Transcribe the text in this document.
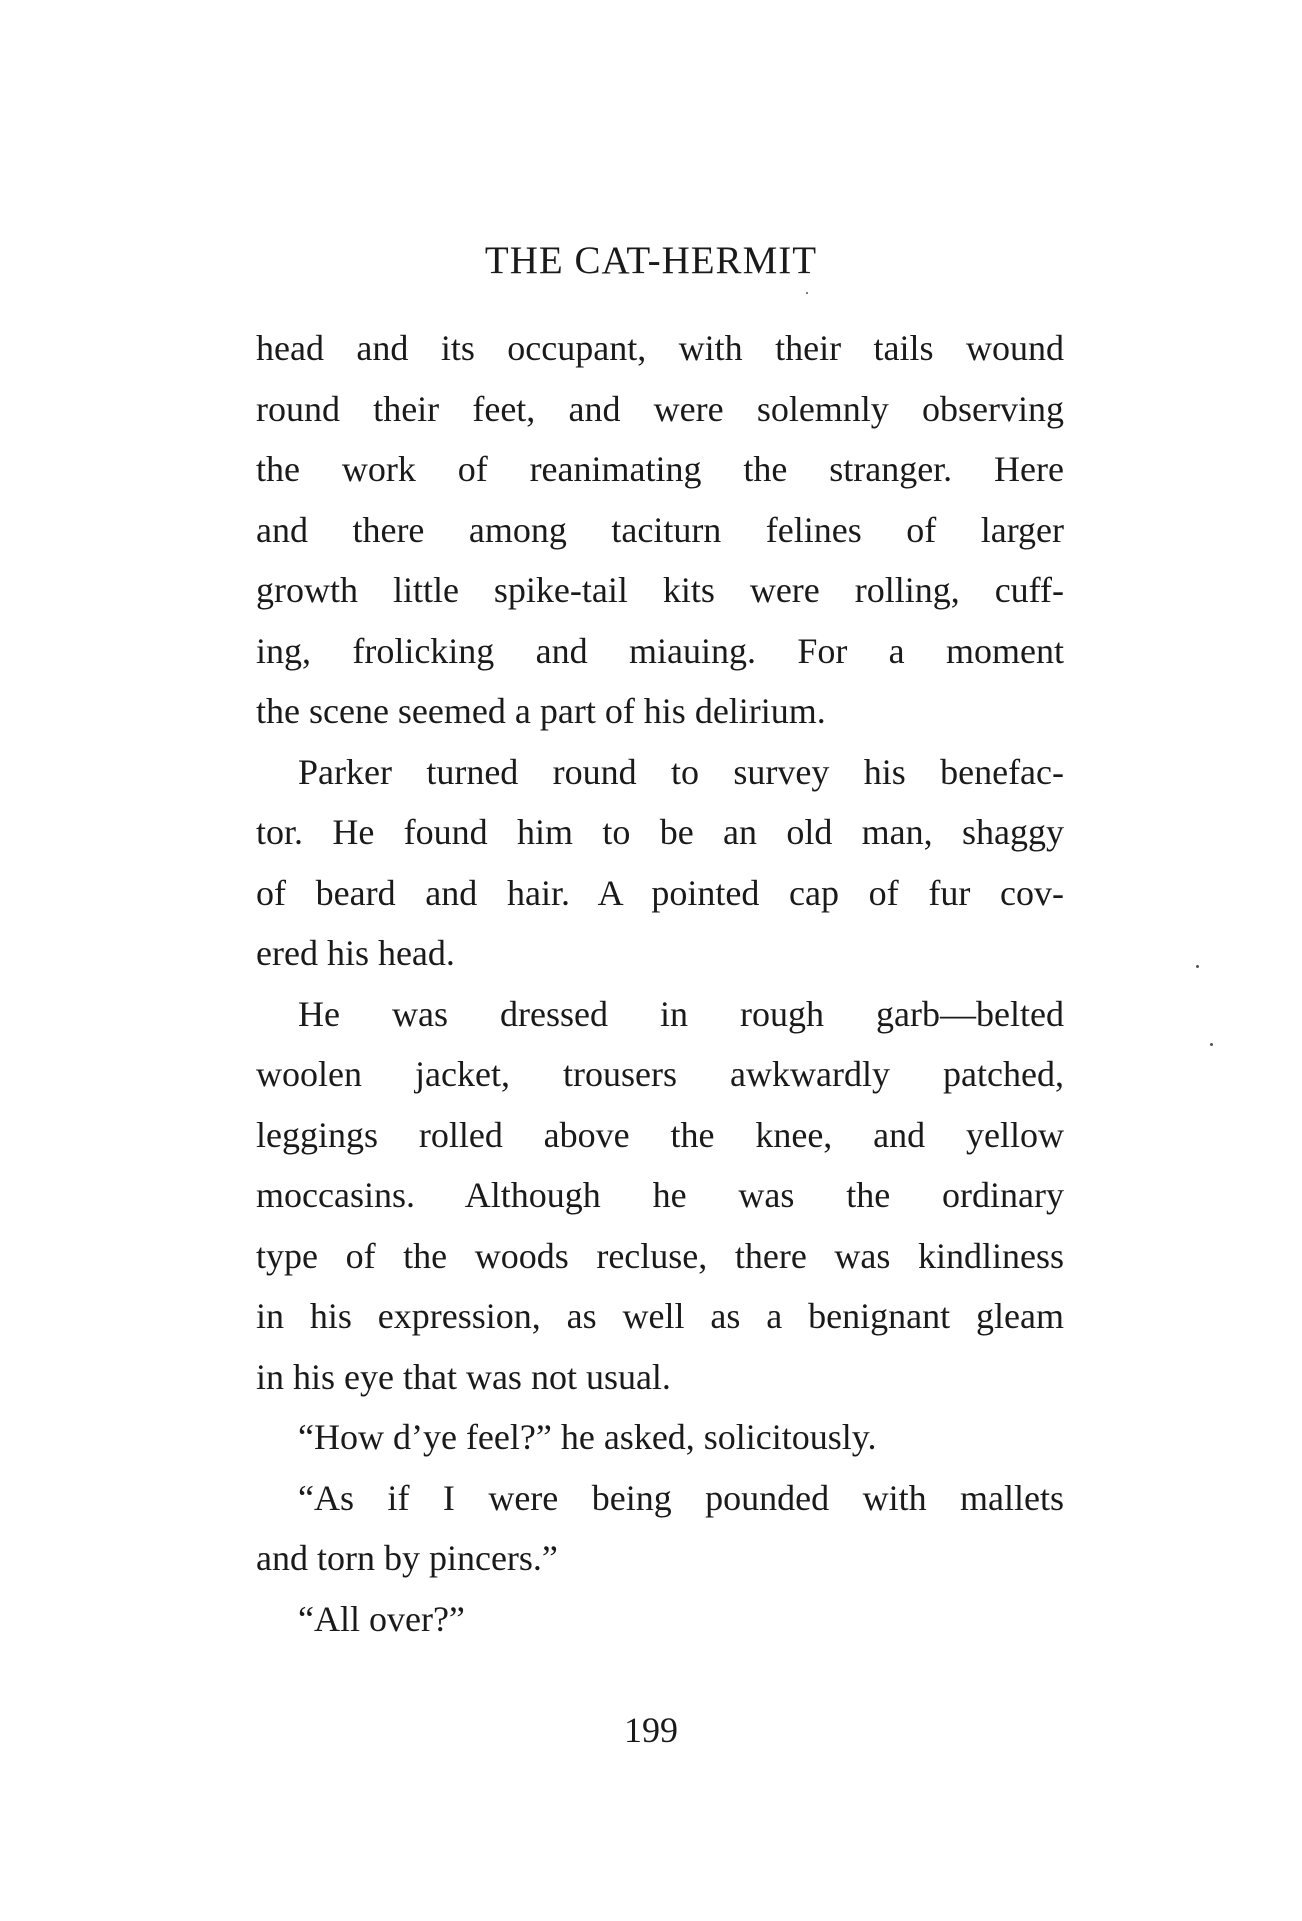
THE CAT-HERMIT
head and its occupant, with their tails wound
round their feet, and were solemnly observing
the work of reanimating the stranger. Here
and there among taciturn felines of larger
growth little spike-tail kits were rolling, cuff-
ing, frolicking and miauing. For a moment
the scene seemed a part of his delirium.
Parker turned round to survey his benefac-
tor. He found him to be an old man, shaggy
of beard and hair. A pointed cap of fur cov-
ered his head.
He was dressed in rough garb—belted
woolen jacket, trousers awkwardly patched,
leggings rolled above the knee, and yellow
moccasins. Although he was the ordinary
type of the woods recluse, there was kindliness
in his expression, as well as a benignant gleam
in his eye that was not usual.
“How d’ye feel?” he asked, solicitously.
“As if I were being pounded with mallets
and torn by pincers.”
“All over?”
199
